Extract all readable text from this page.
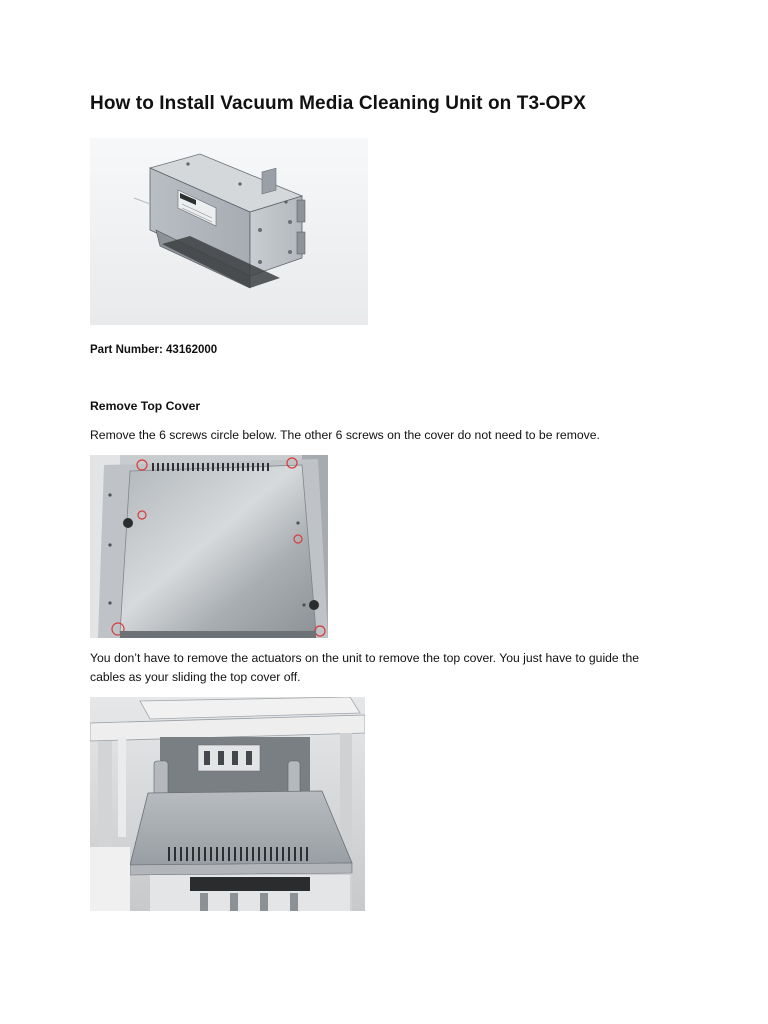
How to Install Vacuum Media Cleaning Unit on T3-OPX

Part Number: 43162000

Remove Top Cover

Remove the 6 screws circle below. The other 6 screws on the cover do not need to be remove.

You don’t have to remove the actuators on the unit to remove the top cover. You just have to guide the

cables as your sliding the top cover off.
